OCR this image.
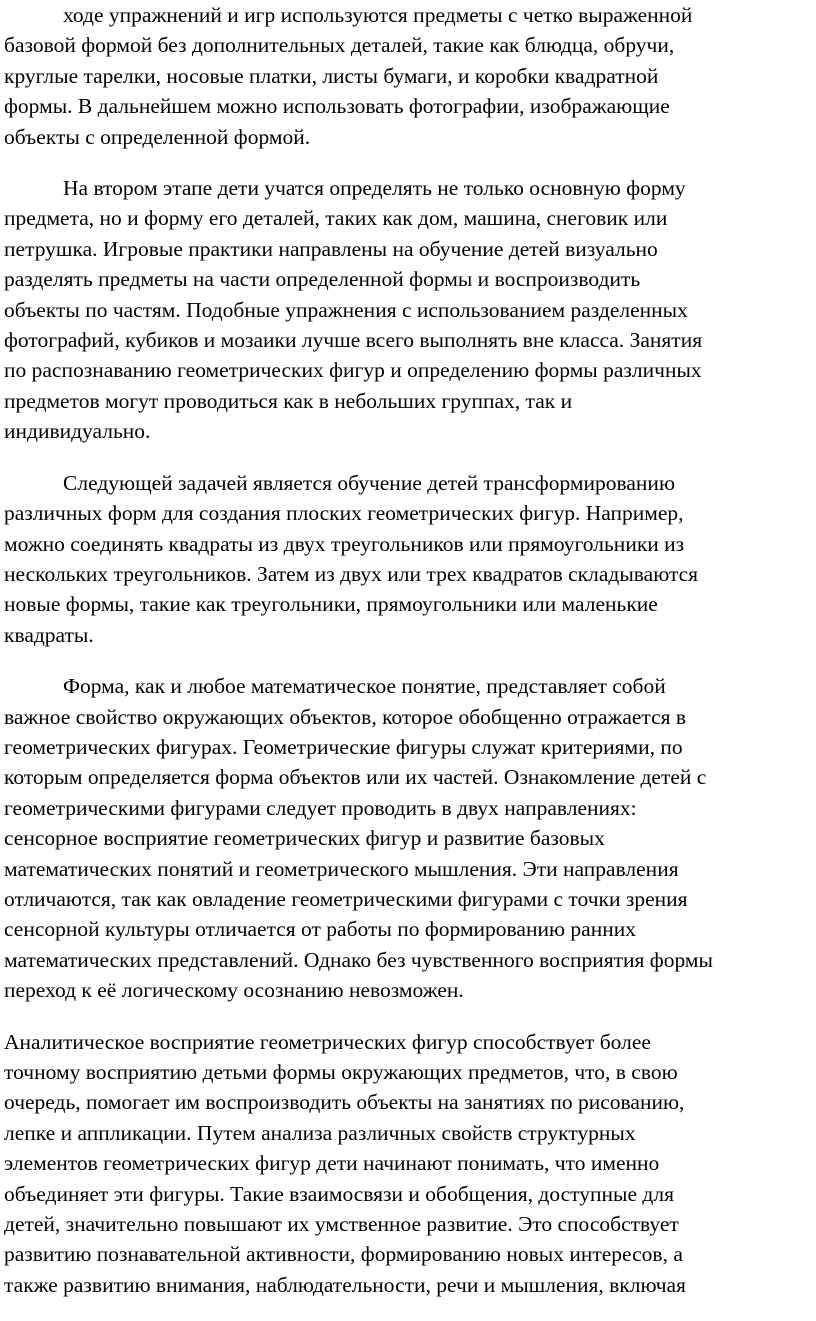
ходе упражнений и игр используются предметы с четко выраженной
базовой формой без дополнительных деталей, такие как блюдца, обручи,
круглые тарелки, носовые платки, листы бумаги, и коробки квадратной
формы. В дальнейшем можно использовать фотографии, изображающие
объекты с определенной формой.
На втором этапе дети учатся определять не только основную форму
предмета, но и форму его деталей, таких как дом, машина, снеговик или
петрушка. Игровые практики направлены на обучение детей визуально
разделять предметы на части определенной формы и воспроизводить
объекты по частям. Подобные упражнения с использованием разделенных
фотографий, кубиков и мозаики лучше всего выполнять вне класса. Занятия
по распознаванию геометрических фигур и определению формы различных
предметов могут проводиться как в небольших группах, так и
индивидуально.
Следующей задачей является обучение детей трансформированию
различных форм для создания плоских геометрических фигур. Например,
можно соединять квадраты из двух треугольников или прямоугольники из
нескольких треугольников. Затем из двух или трех квадратов складываются
новые формы, такие как треугольники, прямоугольники или маленькие
квадраты.
Форма, как и любое математическое понятие, представляет собой
важное свойство окружающих объектов, которое обобщенно отражается в
геометрических фигурах. Геометрические фигуры служат критериями, по
которым определяется форма объектов или их частей. Ознакомление детей с
геометрическими фигурами следует проводить в двух направлениях:
сенсорное восприятие геометрических фигур и развитие базовых
математических понятий и геометрического мышления. Эти направления
отличаются, так как овладение геометрическими фигурами с точки зрения
сенсорной культуры отличается от работы по формированию ранних
математических представлений. Однако без чувственного восприятия формы
переход к её логическому осознанию невозможен.
Аналитическое восприятие геометрических фигур способствует более
точному восприятию детьми формы окружающих предметов, что, в свою
очередь, помогает им воспроизводить объекты на занятиях по рисованию,
лепке и аппликации. Путем анализа различных свойств структурных
элементов геометрических фигур дети начинают понимать, что именно
объединяет эти фигуры. Такие взаимосвязи и обобщения, доступные для
детей, значительно повышают их умственное развитие. Это способствует
развитию познавательной активности, формированию новых интересов, а
также развитию внимания, наблюдательности, речи и мышления, включая
